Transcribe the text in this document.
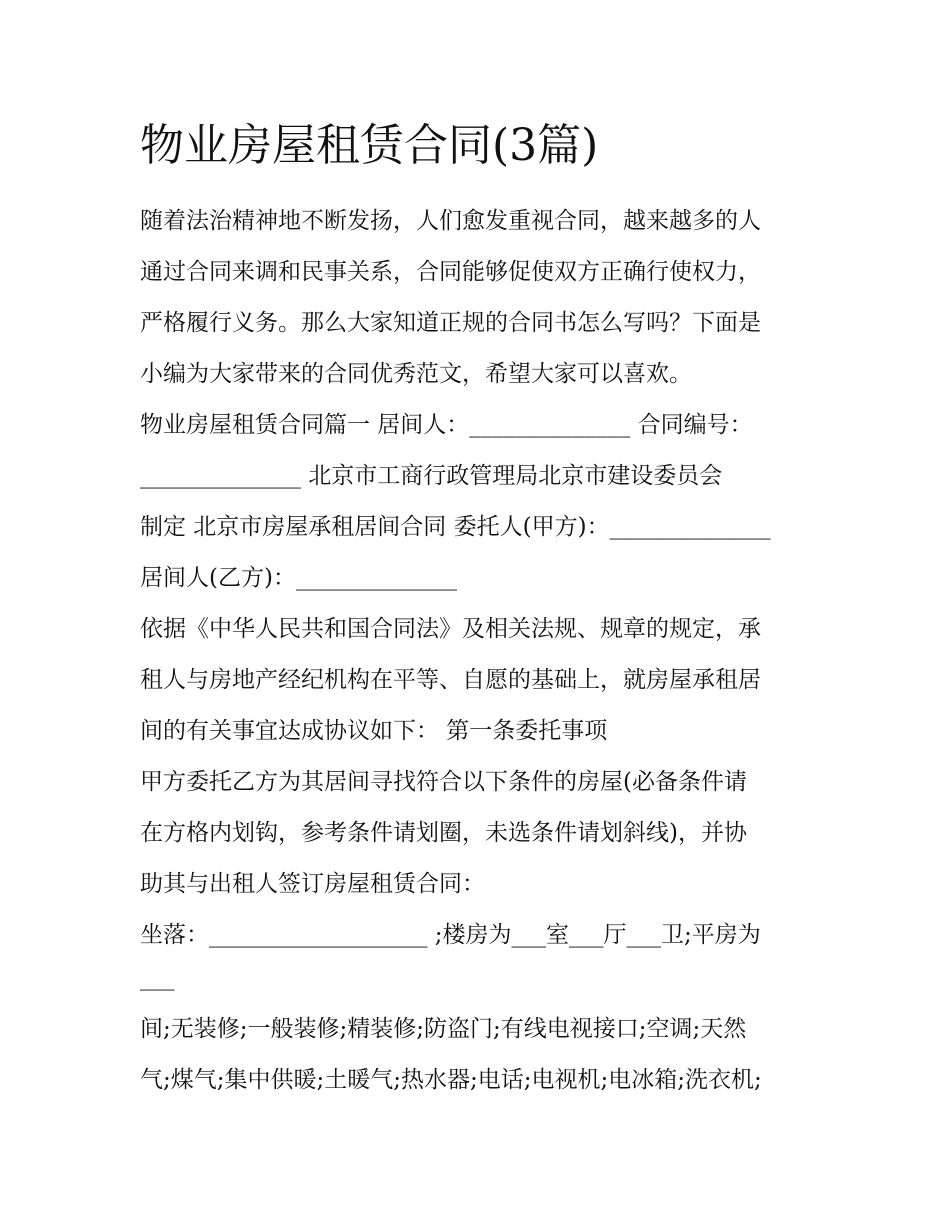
物业房屋租赁合同(3篇)
随着法治精神地不断发扬，人们愈发重视合同，越来越多的人
通过合同来调和民事关系，合同能够促使双方正确行使权力，
严格履行义务。那么大家知道正规的合同书怎么写吗？下面是
小编为大家带来的合同优秀范文，希望大家可以喜欢。
物业房屋租赁合同篇一 居间人：______________ 合同编号：
______________ 北京市工商行政管理局北京市建设委员会
制定 北京市房屋承租居间合同 委托人(甲方)：______________
居间人(乙方)：______________
依据《中华人民共和国合同法》及相关法规、规章的规定，承
租人与房地产经纪机构在平等、自愿的基础上，就房屋承租居
间的有关事宜达成协议如下： 第一条委托事项
甲方委托乙方为其居间寻找符合以下条件的房屋(必备条件请
在方格内划钩，参考条件请划圈，未选条件请划斜线)，并协
助其与出租人签订房屋租赁合同：
坐落：___________________ ;楼房为___室___厅___卫;平房为
___
间;无装修;一般装修;精装修;防盗门;有线电视接口;空调;天然
气;煤气;集中供暖;土暖气;热水器;电话;电视机;电冰箱;洗衣机;
